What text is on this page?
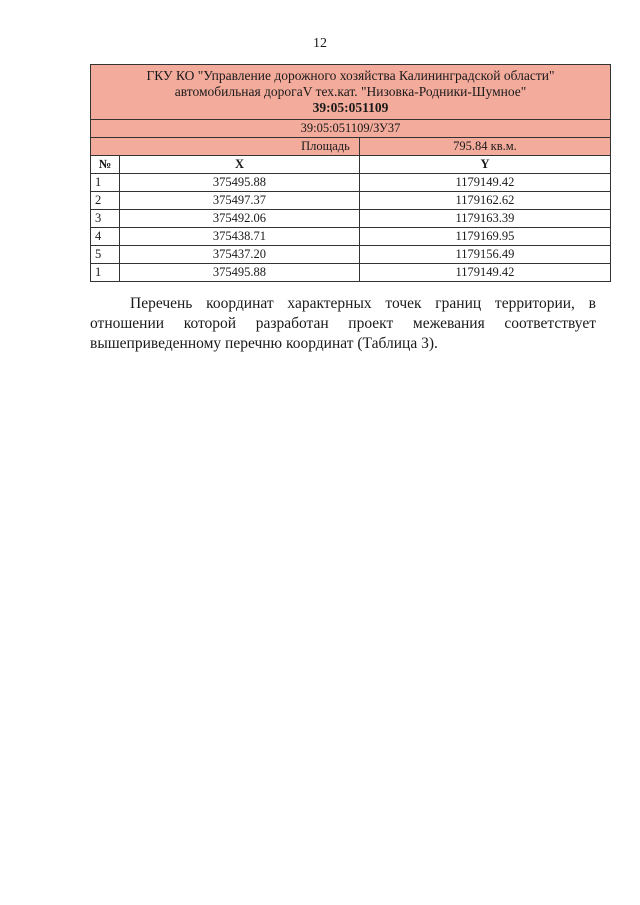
12
ГКУ КО "Управление дорожного хозяйства Калининградской области"
автомобильная дорогаV тех.кат. "Низовка-Родники-Шумное"
39:05:051109		

39:05:051109/ЗУ37		
Площадь		795.84 кв.м.
№	X	Y
1	375495.88	1179149.42
2	375497.37	1179162.62
3	375492.06	1179163.39
4	375438.71	1179169.95
5	375437.20	1179156.49
1	375495.88	1179149.42

Перечень координат характерных точек границ территории, в отношении которой разработан проект межевания соответствует вышеприведенному перечню координат (Таблица 3).
